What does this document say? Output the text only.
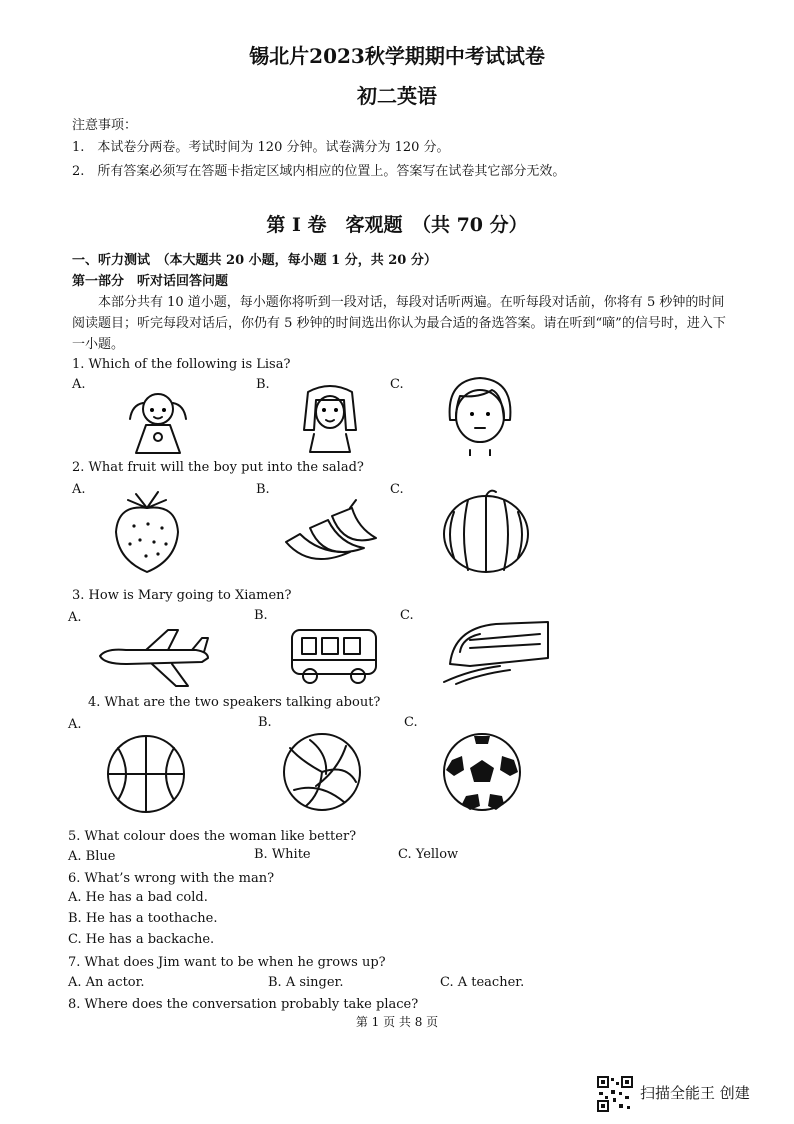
锡北片2023秋学期期中考试试卷
初二英语
注意事项：
1.　本试卷分两卷。考试时间为 120 分钟。试卷满分为 120 分。
2.　所有答案必须写在答题卡指定区域内相应的位置上。答案写在试卷其它部分无效。
第 Ⅰ 卷　客观题　（共 70 分）
一、听力测试　（本大题共 20 小题，每小题 1 分，共 20 分）
第一部分　听对话回答问题
本部分共有 10 道小题，每小题你将听到一段对话，每段对话听两遍。在听每段对话前，你将有 5 秒钟的时间阅读题目；听完每段对话后，你仍有 5 秒钟的时间选出你认为最合适的备选答案。请在听到“嘀”的信号时，进入下一小题。
1. Which of the following is Lisa?
A.	B.	C.
2. What fruit will the boy put into the salad?
A.	B.	C.
3. How is Mary going to Xiamen?
A.	B.	C.
4. What are the two speakers talking about?
A.	B.	C.
5. What colour does the woman like better?
A. Blue	B. White	C. Yellow
6. What’s wrong with the man?
A. He has a bad cold.
B. He has a toothache.
C. He has a backache.
7. What does Jim want to be when he grows up?
A. An actor.	B. A singer.	C. A teacher.
8. Where does the conversation probably take place?
第 1 页 共 8 页
扫描全能王 创建
